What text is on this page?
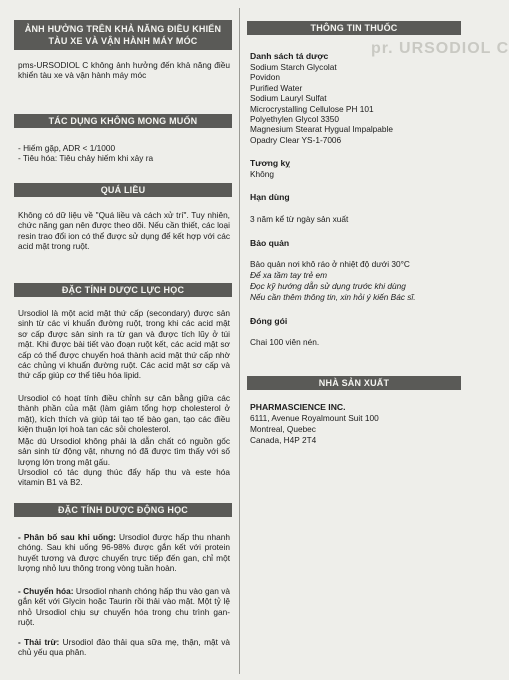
ẢNH HƯỞNG TRÊN KHẢ NĂNG ĐIỀU KHIỂN
TÀU XE VÀ VẬN HÀNH MÁY MÓC

pms-URSODIOL C không ảnh hưởng đến khả năng điều khiển tàu xe và vận hành máy móc

TÁC DỤNG KHÔNG MONG MUỐN

- Hiếm gặp, ADR < 1/1000

- Tiêu hóa: Tiêu chảy hiếm khi xảy ra

QUÁ LIỀU

Không có dữ liệu về "Quá liều và cách xử trí". Tuy nhiên, chức năng gan nên được theo dõi. Nếu cần thiết, các loại resin trao đổi ion có thể được sử dụng để kết hợp với các acid mật trong ruột.

ĐẶC TÍNH DƯỢC LỰC HỌC

Ursodiol là một acid mật thứ cấp (secondary) được sản sinh từ các vi khuẩn đường ruột, trong khi các acid mật sơ cấp được sản sinh ra từ gan và được tích lũy ở túi mật. Khi được bài tiết vào đoạn ruột kết, các acid mật sơ cấp có thể được chuyển hoá thành acid mật thứ cấp nhờ các chủng vi khuẩn đường ruột. Các acid mật sơ cấp và thứ cấp giúp cơ thể tiêu hóa lipid.

Ursodiol có hoạt tính điều chỉnh sự cân bằng giữa các thành phần của mật (làm giảm tổng hợp cholesterol ở mật), kích thích và giúp tái tạo tế bào gan, tạo các điều kiện thuận lợi hoà tan các sỏi cholesterol.

Mặc dù Ursodiol không phải là dẫn chất có nguồn gốc sản sinh từ động vật, nhưng nó đã được tìm thấy với số lượng lớn trong mật gấu.

Ursodiol có tác dụng thúc đẩy hấp thu và este hóa vitamin B1 và B2.

ĐẶC TÍNH DƯỢC ĐỘNG HỌC

- Phân bố sau khi uống: Ursodiol được hấp thu nhanh chóng. Sau khi uống 96-98% được gắn kết với protein huyết tương và được chuyển trực tiếp đến gan, chỉ một lượng nhỏ lưu thông trong vòng tuần hoàn.

- Chuyển hóa: Ursodiol nhanh chóng hấp thu vào gan và gắn kết với Glycin hoặc Taurin rồi thải vào mật. Một tỷ lệ nhỏ Ursodiol chịu sự chuyển hóa trong chu trình gan-ruột.

- Thải trừ: Ursodiol đào thải qua sữa mẹ, thận, mật và chủ yếu qua phân.

THÔNG TIN THUỐC
pr. URSODIOL C
Danh sách tá dược
Sodium Starch Glycolat
Povidon
Purified Water
Sodium Lauryl Sulfat
Microcrystalling Cellulose PH 101
Polyethylen Glycol 3350
Magnesium Stearat Hygual Impalpable
Opadry Clear YS-1-7006
Tương kỵ

Không

Hạn dùng

3 năm kể từ ngày sản xuất

Bảo quản

Bảo quản nơi khô ráo ở nhiệt độ dưới 30°C

Để xa tầm tay trẻ em

Đọc kỹ hướng dẫn sử dụng trước khi dùng

Nếu cần thêm thông tin, xin hỏi ý kiến Bác sĩ.

Đóng gói

Chai 100 viên nén.

NHÀ SẢN XUẤT
PHARMASCIENCE INC.

6111, Avenue Royalmount Suit 100

Montreal, Quebec

Canada, H4P 2T4
